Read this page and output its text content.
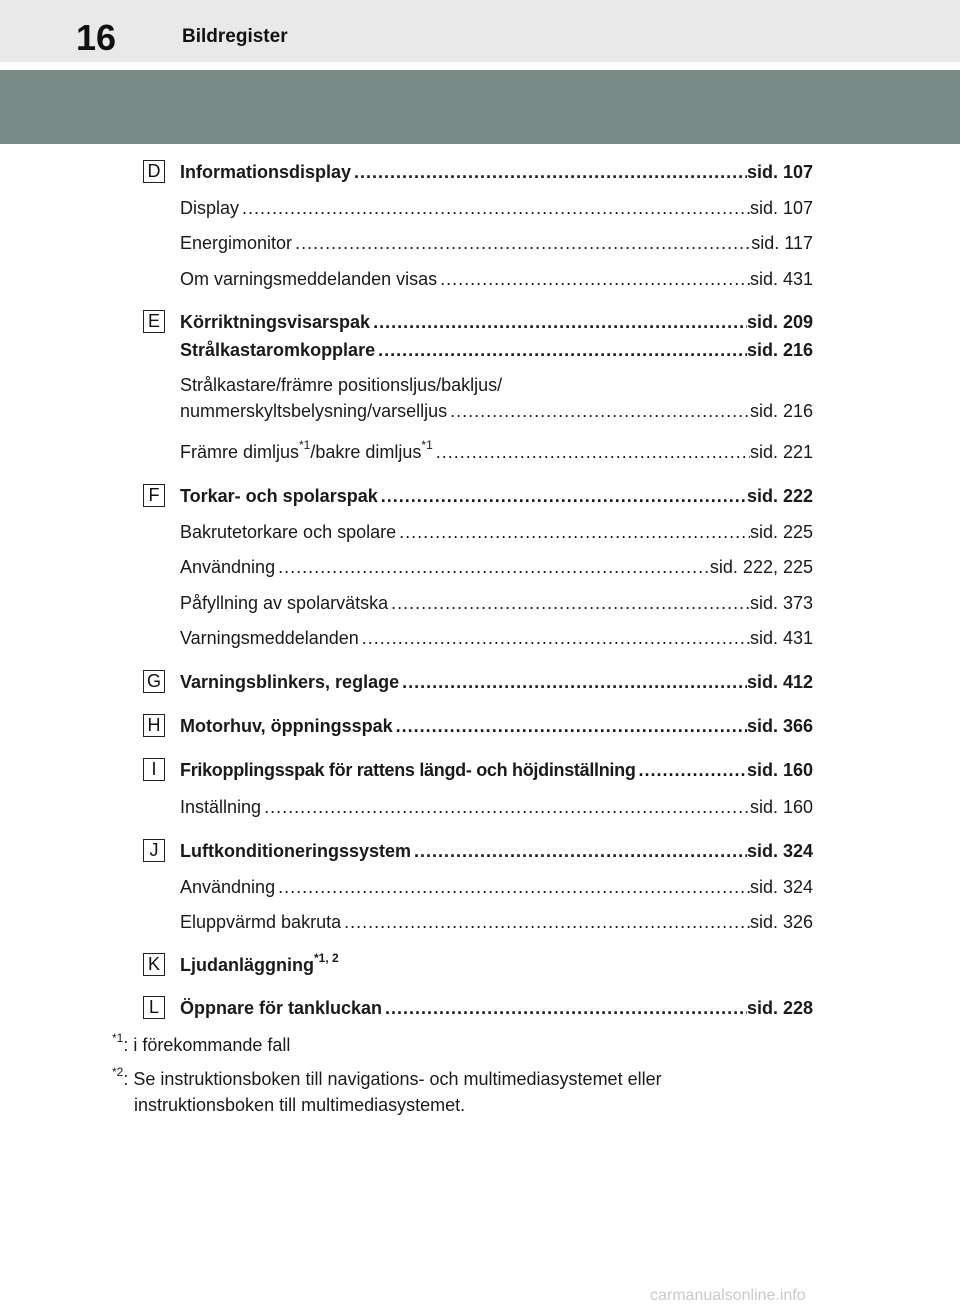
16	Bildregister
D Informationsdisplay .....	sid. 107
Display .....	sid. 107
Energimonitor .....	sid. 117
Om varningsmeddelanden visas .....	sid. 431
E Körriktningsvisarspak .....	sid. 209
Strålkastaromkopplare .....	sid. 216
Strålkastare/främre positionsljus/bakljus/
nummerskyltsbelysning/varselljus .....	sid. 216
Främre dimljus$^{*1}$/bakre dimljus$^{*1}$ .....	sid. 221
F	Torkar- och spolarspak .....	sid. 222
Bakrutetorkare och spolare .....	sid. 225
Användning .....	sid. 222, 225
Påfyllning av spolarvätska .....	sid. 373
Varningsmeddelanden .....	sid. 431
G Varningsblinkers, reglage .....	sid. 412
H Motorhuv, öppningsspak .....	sid. 366
I	Frikopplingsspak för rattens längd- och höjdinställning .....	sid. 160
Inställning .....	sid. 160
J	Luftkonditioneringssystem .....	sid. 324
Användning .....	sid. 324
Eluppvärmd bakruta .....	sid. 326
K Ljudanläggning$^{*1, 2}$
L	Öppnare för tankluckan .....	sid. 228
$^{*1}$: i förekommande fall
$^{*2}$: Se instruktionsboken till navigations- och multimediasystemet eller
instruktionsboken till multimediasystemet.
carmanualsonline.info
